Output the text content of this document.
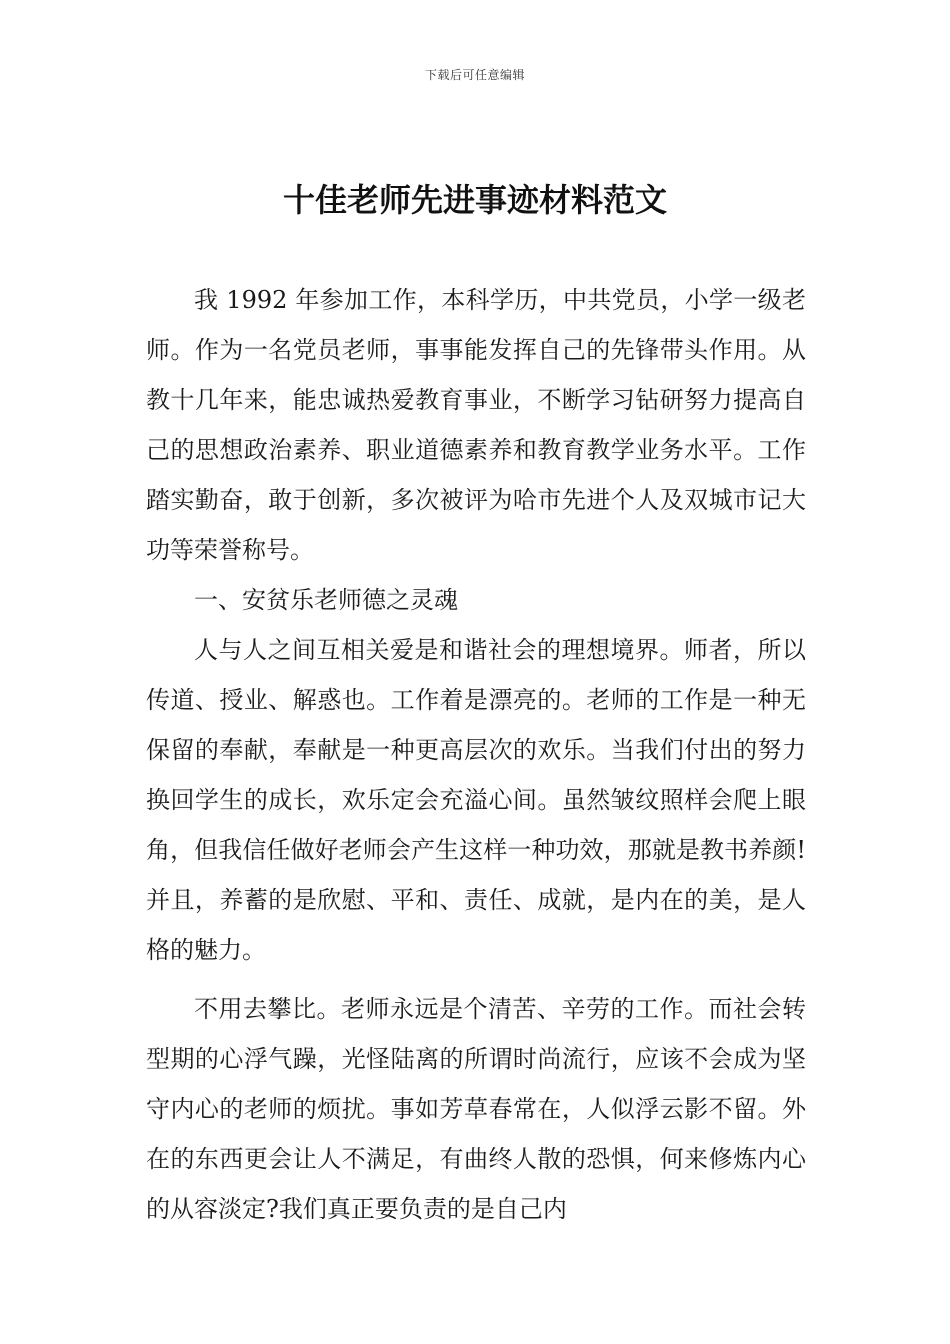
下载后可任意编辑
十佳老师先进事迹材料范文

我 1992 年参加工作，本科学历，中共党员，小学一级老师。作为一名党员老师，事事能发挥自己的先锋带头作用。从教十几年来，能忠诚热爱教育事业，不断学习钻研努力提高自己的思想政治素养、职业道德素养和教育教学业务水平。工作踏实勤奋，敢于创新，多次被评为哈市先进个人及双城市记大功等荣誉称号。

一、安贫乐老师德之灵魂

人与人之间互相关爱是和谐社会的理想境界。师者，所以传道、授业、解惑也。工作着是漂亮的。老师的工作是一种无保留的奉献，奉献是一种更高层次的欢乐。当我们付出的努力换回学生的成长，欢乐定会充溢心间。虽然皱纹照样会爬上眼角，但我信任做好老师会产生这样一种功效，那就是教书养颜!并且，养蓄的是欣慰、平和、责任、成就，是内在的美，是人格的魅力。

不用去攀比。老师永远是个清苦、辛劳的工作。而社会转型期的心浮气躁，光怪陆离的所谓时尚流行，应该不会成为坚守内心的老师的烦扰。事如芳草春常在，人似浮云影不留。外在的东西更会让人不满足，有曲终人散的恐惧，何来修炼内心的从容淡定?我们真正要负责的是自己内
